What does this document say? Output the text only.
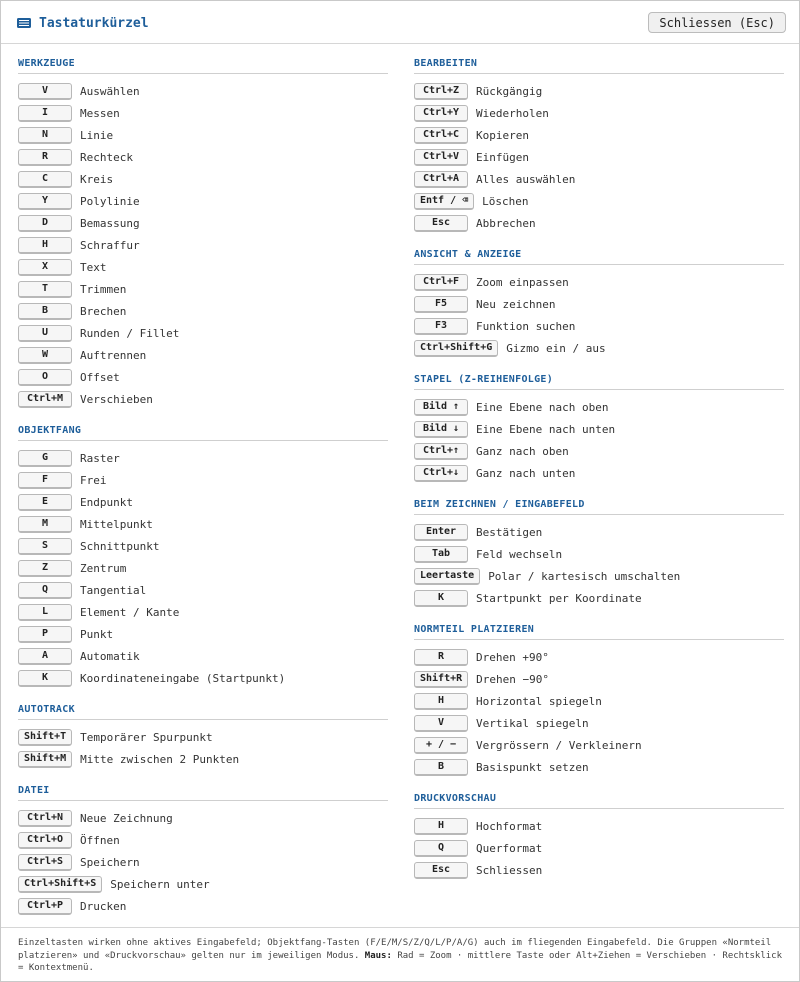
Tastaturkürzel	Schliessen (Esc)
WERKZEUGE
V	Auswählen
I	Messen
N	Linie
R	Rechteck
C	Kreis
Y	Polylinie
D	Bemassung
H	Schraffur
X	Text
T	Trimmen
B	Brechen
U	Runden / Fillet
W	Auftrennen
O	Offset
Ctrl+M	Verschieben
OBJEKTFANG
G	Raster
F	Frei
E	Endpunkt
M	Mittelpunkt
S	Schnittpunkt
Z	Zentrum
Q	Tangential
L	Element / Kante
P	Punkt
A	Automatik
K	Koordinateneingabe (Startpunkt)
AUTOTRACK
Shift+T	Temporärer Spurpunkt
Shift+M	Mitte zwischen 2 Punkten
DATEI
Ctrl+N	Neue Zeichnung
Ctrl+O	Öffnen
Ctrl+S	Speichern
Ctrl+Shift+S	Speichern unter
Ctrl+P	Drucken
BEARBEITEN
Ctrl+Z	Rückgängig
Ctrl+Y	Wiederholen
Ctrl+C	Kopieren
Ctrl+V	Einfügen
Ctrl+A	Alles auswählen
Entf / ⌫	Löschen
Esc	Abbrechen
ANSICHT & ANZEIGE
Ctrl+F	Zoom einpassen
F5	Neu zeichnen
F3	Funktion suchen
Ctrl+Shift+G	Gizmo ein / aus
STAPEL (Z-REIHENFOLGE)
Bild ↑	Eine Ebene nach oben
Bild ↓	Eine Ebene nach unten
Ctrl+↑	Ganz nach oben
Ctrl+↓	Ganz nach unten
BEIM ZEICHNEN / EINGABEFELD
Enter	Bestätigen
Tab	Feld wechseln
Leertaste	Polar / kartesisch umschalten
K	Startpunkt per Koordinate
NORMTEIL PLATZIEREN
R	Drehen +90°
Shift+R	Drehen −90°
H	Horizontal spiegeln
V	Vertikal spiegeln
+ / −	Vergrössern / Verkleinern
B	Basispunkt setzen
DRUCKVORSCHAU
H	Hochformat
Q	Querformat
Esc	Schliessen
Einzeltasten wirken ohne aktives Eingabefeld; Objektfang-Tasten (F/E/M/S/Z/Q/L/P/A/G) auch im fliegenden Eingabefeld. Die Gruppen «Normteil platzieren» und «Druckvorschau» gelten nur im jeweiligen Modus. Maus: Rad = Zoom · mittlere Taste oder Alt+Ziehen = Verschieben · Rechtsklick = Kontextmenü.
